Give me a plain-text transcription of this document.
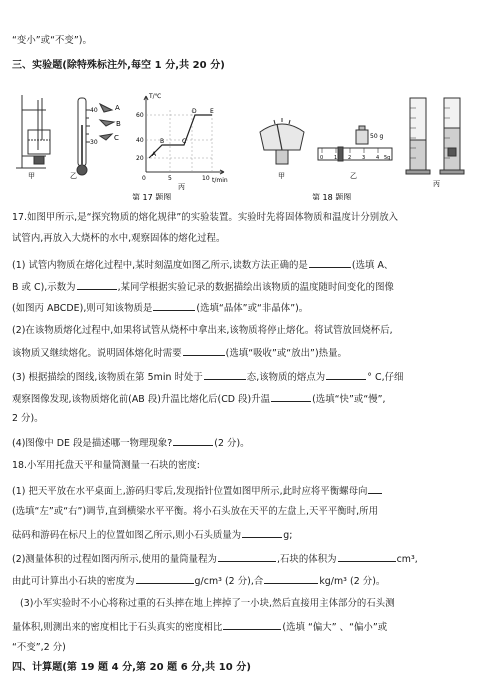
“变小”或“不变”)。
三、实验题(除特殊标注外,每空 1 分,共 20 分)
甲
40
30
A
B
C
乙
A
B	C
D E
T/℃
t/min
60
40
20
0	5	10
丙
第 17 题图
甲
50 g
0 1 2 3 4 5g
乙
丙
第 18 题图
17.如图甲所示,是“探究物质的熔化规律”的实验装置。实验时先将固体物质和温度计分别放入
试管内,再放入大烧杯的水中,观察固体的熔化过程。
(1) 试管内物质在熔化过程中,某时刻温度如图乙所示,读数方法正确的是	(选填 A、
B 或 C),示数为	,某同学根据实验记录的数据描绘出该物质的温度随时间变化的图像
(如图丙 ABCDE),则可知该物质是	(选填“晶体”或“非晶体”)。
(2)在该物质熔化过程中,如果将试管从烧杯中拿出来,该物质将停止熔化。将试管放回烧杯后,
该物质又继续熔化。说明固体熔化时需要	(选填“吸收”或“放出”)热量。
(3) 根据描绘的图线,该物质在第 5min 时处于	态,该物质的熔点为	° C,仔细
观察图像发现,该物质熔化前(AB 段)升温比熔化后(CD 段)升温	(选填“快”或“慢”,
2 分)。
(4)图像中 DE 段是描述哪一物理现象?	(2 分)。
18.小军用托盘天平和量筒测量一石块的密度:
(1) 把天平放在水平桌面上,游码归零后,发现指针位置如图甲所示,此时应将平衡螺母向
(选填“左”或“右”)调节,直到横梁水平平衡。将小石头放在天平的左盘上,天平平衡时,所用
砝码和游码在标尺上的位置如图乙所示,则小石头质量为	g;
(2)测量体积的过程如图丙所示,使用的量筒量程为	,石块的体积为	cm³,
由此可计算出小石块的密度为	g/cm³ (2 分),合	kg/m³ (2 分)。
(3)小军实验时不小心将称过重的石头摔在地上摔掉了一小块,然后直接用主体部分的石头测
量体积,则测出来的密度相比于石头真实的密度相比	(选填 “偏大” 、“偏小”或
“不变”,2 分)
四、计算题(第 19 题 4 分,第 20 题 6 分,共 10 分)
